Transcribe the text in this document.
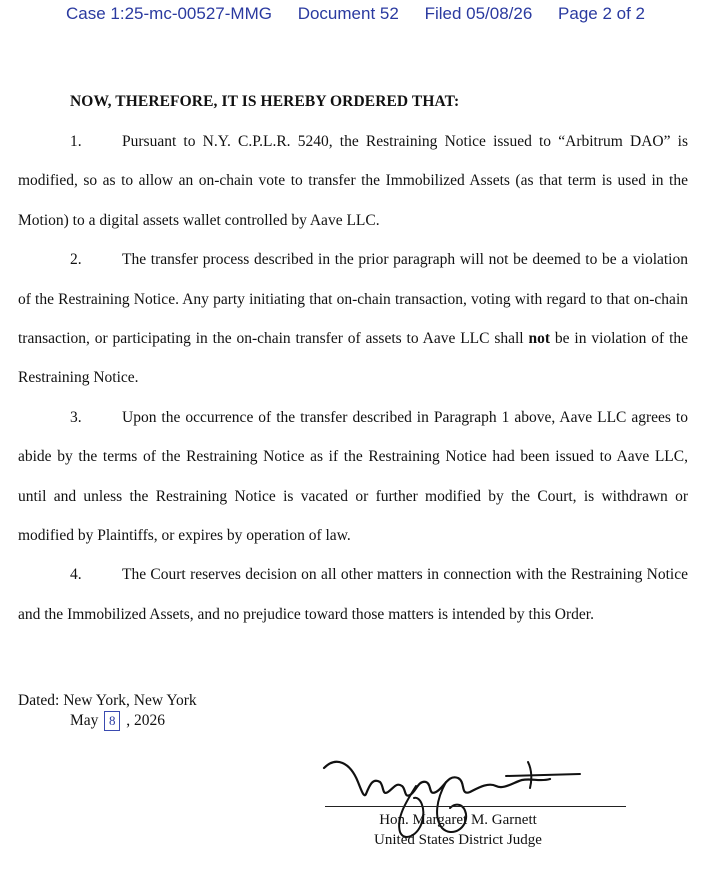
Case 1:25-mc-00527-MMG Document 52 Filed 05/08/26 Page 2 of 2
NOW, THEREFORE, IT IS HEREBY ORDERED THAT:

1.	Pursuant to N.Y. C.P.L.R. 5240, the Restraining Notice issued to “Arbitrum DAO” is modified, so as to allow an on-chain vote to transfer the Immobilized Assets (as that term is used in the Motion) to a digital assets wallet controlled by Aave LLC.

2.	The transfer process described in the prior paragraph will not be deemed to be a violation of the Restraining Notice. Any party initiating that on-chain transaction, voting with regard to that on-chain transaction, or participating in the on-chain transfer of assets to Aave LLC shall not be in violation of the Restraining Notice.

3.	Upon the occurrence of the transfer described in Paragraph 1 above, Aave LLC agrees to abide by the terms of the Restraining Notice as if the Restraining Notice had been issued to Aave LLC, until and unless the Restraining Notice is vacated or further modified by the Court, is withdrawn or modified by Plaintiffs, or expires by operation of law.

4.	The Court reserves decision on all other matters in connection with the Restraining Notice and the Immobilized Assets, and no prejudice toward those matters is intended by this Order.

Dated: New York, New York
May 8 , 2026
Hon. Margaret M. Garnett
United States District Judge
